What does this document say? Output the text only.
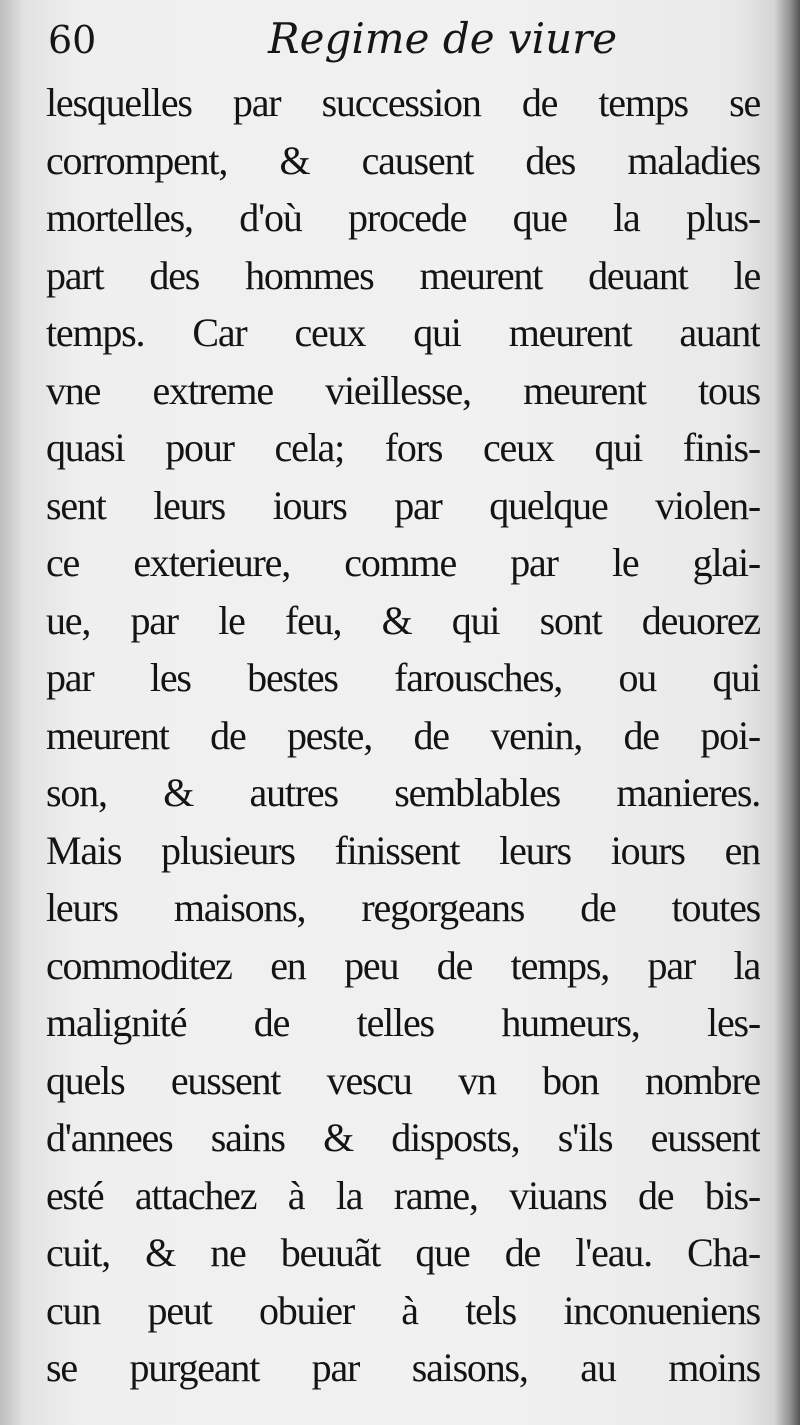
60	Regime de viure
lesquelles par succession de temps se
corrompent, & causent des maladies
mortelles, d'où procede que la plus-
part des hommes meurent deuant le
temps. Car ceux qui meurent auant
vne extreme vieillesse, meurent tous
quasi pour cela; fors ceux qui finis-
sent leurs iours par quelque violen-
ce exterieure, comme par le glai-
ue, par le feu, & qui sont deuorez
par les bestes farousches, ou qui
meurent de peste, de venin, de poi-
son, & autres semblables manieres.
Mais plusieurs finissent leurs iours en
leurs maisons, regorgeans de toutes
commoditez en peu de temps, par la
malignité de telles humeurs, les-
quels eussent vescu vn bon nombre
d'annees sains & disposts, s'ils eussent
esté attachez à la rame, viuans de bis-
cuit, & ne beuuãt que de l'eau. Cha-
cun peut obuier à tels inconueniens
se purgeant par saisons, au moins
